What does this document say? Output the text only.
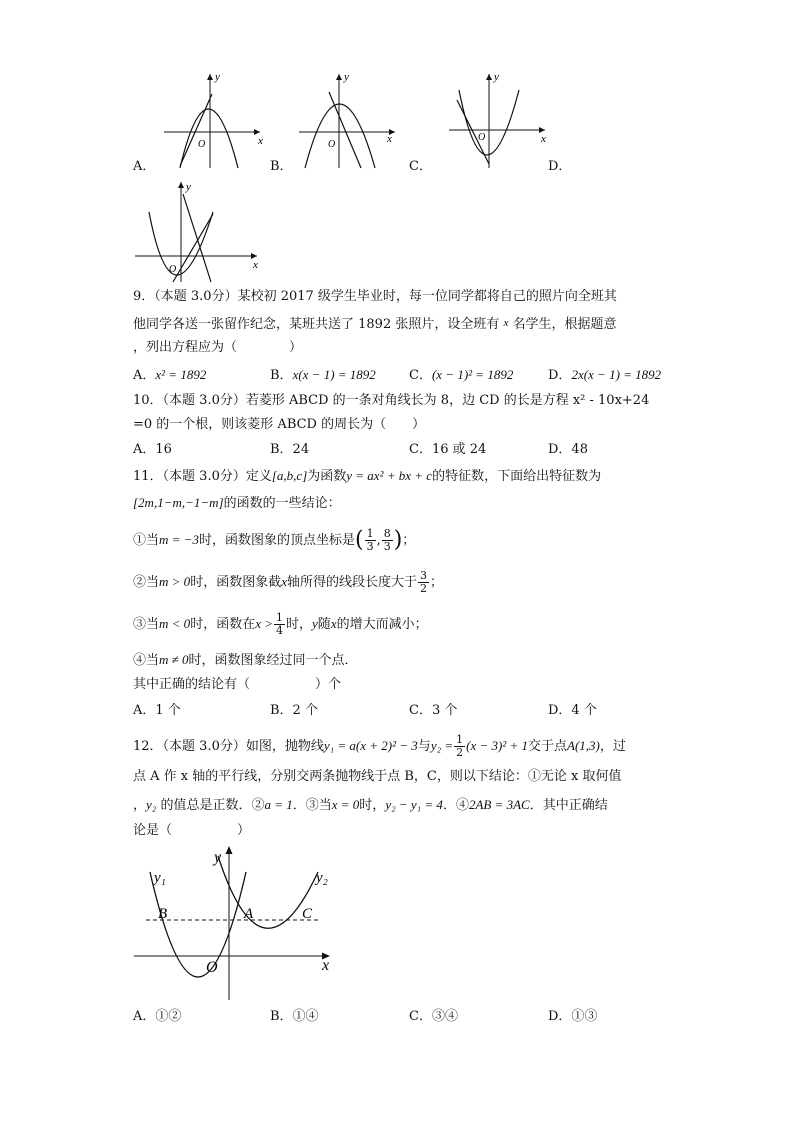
y
x
O
A．
y
x
O
B．
y
x
O
C．	D．
y
x
O
9．（本题 3.0分）某校初 2017 级学生毕业时，每一位同学都将自己的照片向全班其
他同学各送一张留作纪念，某班共送了 1892 张照片，设全班有 x 名学生，根据题意
，列出方程应为（　　　　）
A．x² = 1892	B．x(x − 1) = 1892	C．(x − 1)² = 1892	D．2x(x − 1) = 1892
10．（本题 3.0分）若菱形 ABCD 的一条对角线长为 8，边 CD 的长是方程 x² - 10x+24
=0 的一个根，则该菱形 ABCD 的周长为（　　）
A．16	B．24	C．16 或 24	D．48
11．（本题 3.0分）定义[a,b,c]为函数y = ax² + bx + c的特征数，下面给出特征数为
[2m,1−m,−1−m]的函数的一些结论：
①当m = −3时，函数图象的顶点坐标是( $\frac{1}{3}$ , $\frac{8}{3}$ )；
②当m > 0时，函数图象截x轴所得的线段长度大于 $\frac{3}{2}$ ；
③当m < 0时，函数在$x > \frac{1}{4}$ 时，y随x的增大而减小；
④当m ≠ 0时，函数图象经过同一个点．
其中正确的结论有（　　　　　）个
A．1 个	B．2 个	C．3 个	D．4 个
12．（本题 3.0分）如图，抛物线y₁ = a(x + 2)² − 3与$y_2 = \frac{1}{2} (x - 3)^2 + 1$交于点A(1,3)，过
点 A 作 x 轴的平行线，分别交两条抛物线于点 B，C，则以下结论：①无论 x 取何值
，y₂ 的值总是正数．②a = 1．③当x = 0时，y₂ − y₁ = 4．④2AB = 3AC．其中正确结
论是（　　　　　）
y₁	y₂
y
x
O
A
B	C
A．①②	B．①④	C．③④	D．①③
